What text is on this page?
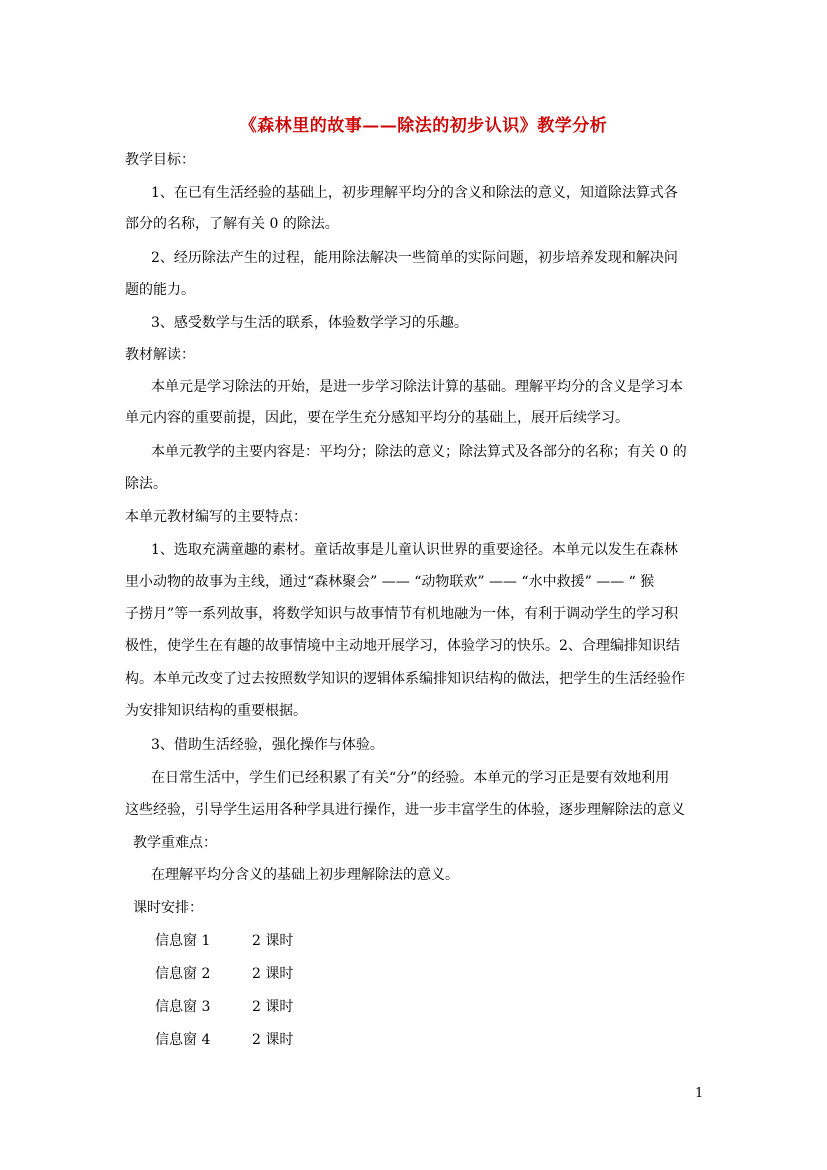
《森林里的故事——除法的初步认识》教学分析
教学目标：
1、在已有生活经验的基础上，初步理解平均分的含义和除法的意义，知道除法算式各
部分的名称，了解有关 0 的除法。
2、经历除法产生的过程，能用除法解决一些简单的实际问题，初步培养发现和解决问
题的能力。
3、感受数学与生活的联系，体验数学学习的乐趣。
教材解读：
本单元是学习除法的开始，是进一步学习除法计算的基础。理解平均分的含义是学习本
单元内容的重要前提，因此，要在学生充分感知平均分的基础上，展开后续学习。
本单元教学的主要内容是：平均分；除法的意义；除法算式及各部分的名称；有关 0 的
除法。
本单元教材编写的主要特点：
1、选取充满童趣的素材。童话故事是儿童认识世界的重要途径。本单元以发生在森林
里小动物的故事为主线，通过“森林聚会” —— “动物联欢” —— “水中救援” —— “ 猴
子捞月”等一系列故事，将数学知识与故事情节有机地融为一体，有利于调动学生的学习积
极性，使学生在有趣的故事情境中主动地开展学习，体验学习的快乐。2、合理编排知识结
构。本单元改变了过去按照数学知识的逻辑体系编排知识结构的做法，把学生的生活经验作
为安排知识结构的重要根据。
3、借助生活经验，强化操作与体验。
在日常生活中，学生们已经积累了有关“分”的经验。本单元的学习正是要有效地利用
这些经验，引导学生运用各种学具进行操作，进一步丰富学生的体验，逐步理解除法的意义
教学重难点：
在理解平均分含义的基础上初步理解除法的意义。
课时安排：
信息窗 1	2 课时
信息窗 2	2 课时
信息窗 3	2 课时
信息窗 4	2 课时
1
